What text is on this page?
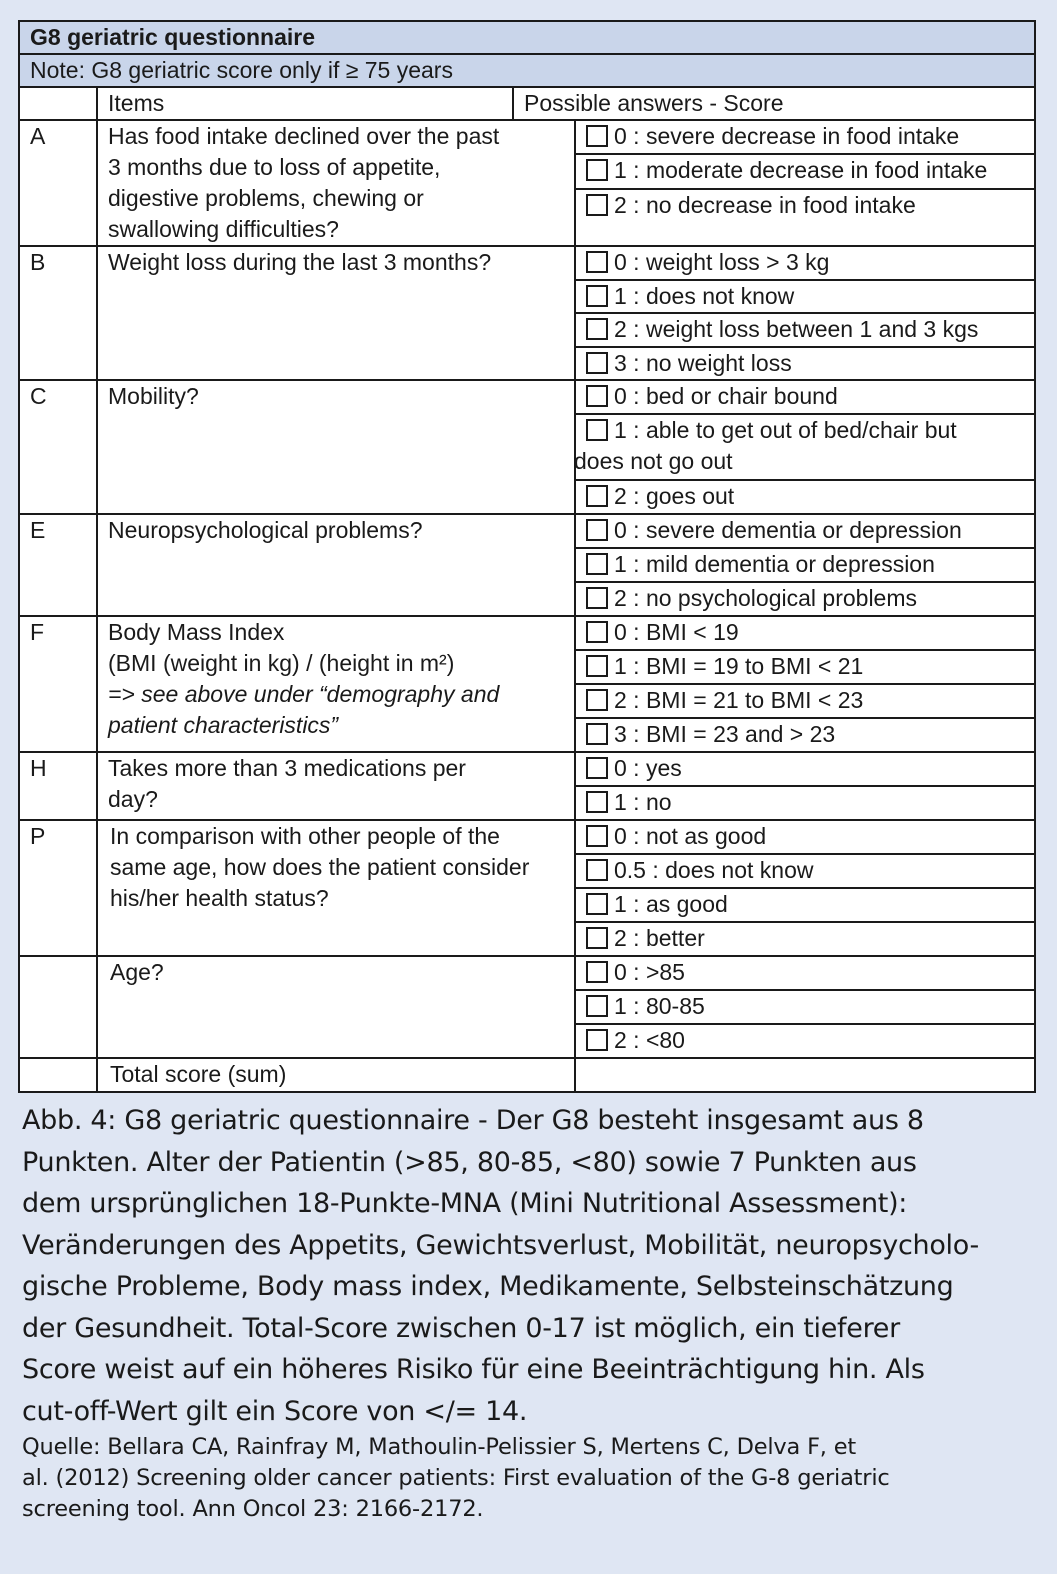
G8 geriatric questionnaire			
Note: G8 geriatric score only if ≥ 75 years			
	Items	Possible answers - Score	
A	Has food intake declined over the past
3 months due to loss of appetite,
digestive problems, chewing or
swallowing difficulties?		0 : severe decrease in food intake
			1 : moderate decrease in food intake
			2 : no decrease in food intake
B	Weight loss during the last 3 months?		0 : weight loss > 3 kg
			1 : does not know
			2 : weight loss between 1 and 3 kgs
			3 : no weight loss
C	Mobility?		0 : bed or chair bound
			1 : able to get out of bed/chair but
does not go out
			2 : goes out
E	Neuropsychological problems?		0 : severe dementia or depression
			1 : mild dementia or depression
			2 : no psychological problems
F	Body Mass Index
(BMI (weight in kg) / (height in m²)
=> see above under “demography and
patient characteristics”		0 : BMI < 19
			1 : BMI = 19 to BMI < 21
			2 : BMI = 21 to BMI < 23
			3 : BMI = 23 and > 23
H	Takes more than 3 medications per
day?		0 : yes
			1 : no
P	In comparison with other people of the
same age, how does the patient consider
his/her health status?		0 : not as good
			0.5 : does not know
			1 : as good
			2 : better
	Age?		0 : >85
			1 : 80-85
			2 : <80
	Total score (sum)		

Abb. 4: G8 geriatric questionnaire - Der G8 besteht insgesamt aus 8

Punkten. Alter der Patientin (>85, 80-85, <80) sowie 7 Punkten aus

dem ursprünglichen 18-Punkte-MNA (Mini Nutritional Assessment):

Veränderungen des Appetits, Gewichtsverlust, Mobilität, neuropsycholo-

gische Probleme, Body mass index, Medikamente, Selbsteinschätzung

der Gesundheit. Total-Score zwischen 0-17 ist möglich, ein tieferer

Score weist auf ein höheres Risiko für eine Beeinträchtigung hin. Als

cut-off-Wert gilt ein Score von </= 14.

Quelle: Bellara CA, Rainfray M, Mathoulin-Pelissier S, Mertens C, Delva F, et

al. (2012) Screening older cancer patients: First evaluation of the G-8 geriatric

screening tool. Ann Oncol 23: 2166-2172.
